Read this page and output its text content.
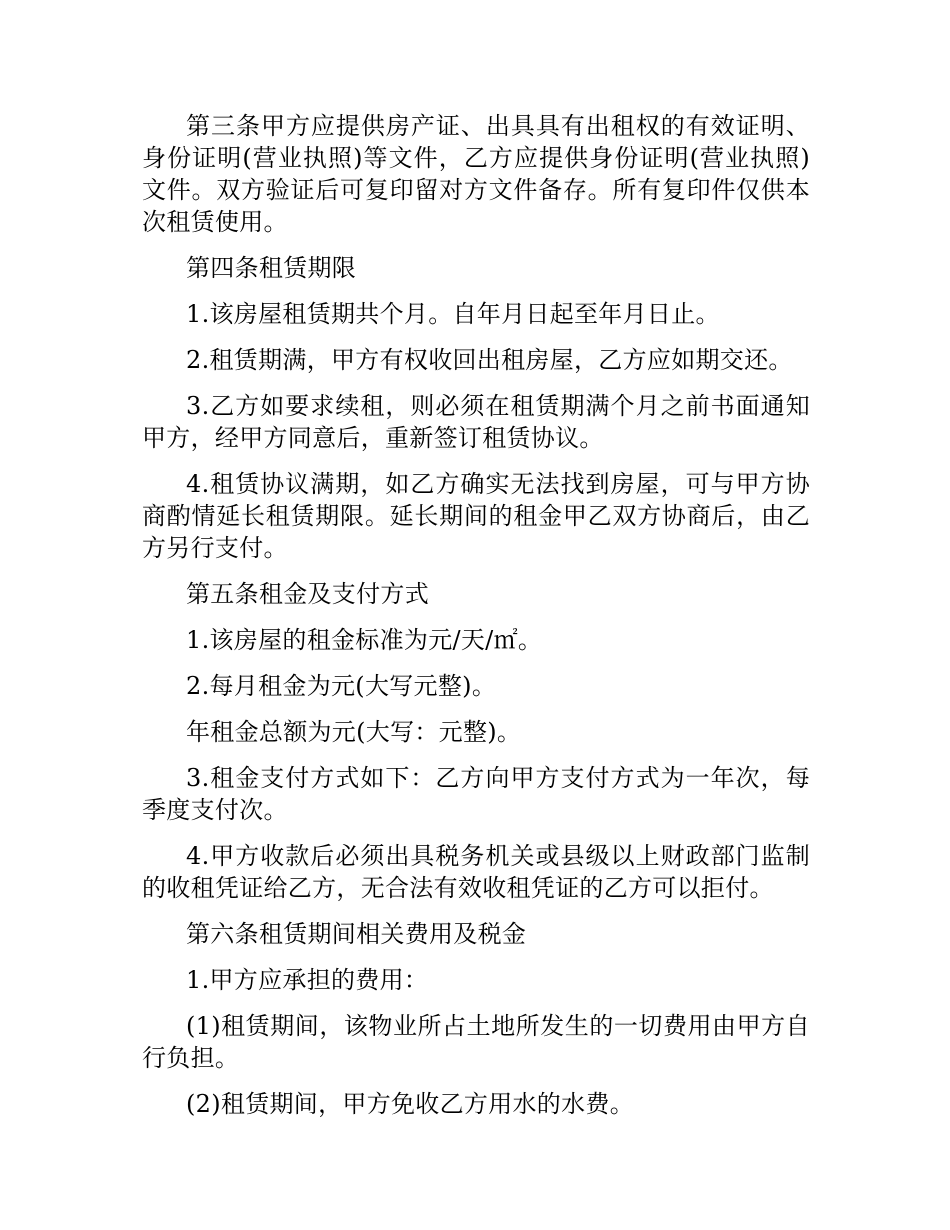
第三条甲方应提供房产证、出具具有出租权的有效证明、身份证明(营业执照)等文件，乙方应提供身份证明(营业执照)文件。双方验证后可复印留对方文件备存。所有复印件仅供本次租赁使用。

第四条租赁期限

1.该房屋租赁期共个月。自年月日起至年月日止。

2.租赁期满，甲方有权收回出租房屋，乙方应如期交还。

3.乙方如要求续租，则必须在租赁期满个月之前书面通知甲方，经甲方同意后，重新签订租赁协议。

4.租赁协议满期，如乙方确实无法找到房屋，可与甲方协商酌情延长租赁期限。延长期间的租金甲乙双方协商后，由乙方另行支付。

第五条租金及支付方式

1.该房屋的租金标准为元/天/㎡。

2.每月租金为元(大写元整)。

年租金总额为元(大写：元整)。

3.租金支付方式如下：乙方向甲方支付方式为一年次，每季度支付次。

4.甲方收款后必须出具税务机关或县级以上财政部门监制的收租凭证给乙方，无合法有效收租凭证的乙方可以拒付。

第六条租赁期间相关费用及税金

1.甲方应承担的费用：

(1)租赁期间，该物业所占土地所发生的一切费用由甲方自行负担。

(2)租赁期间，甲方免收乙方用水的水费。
